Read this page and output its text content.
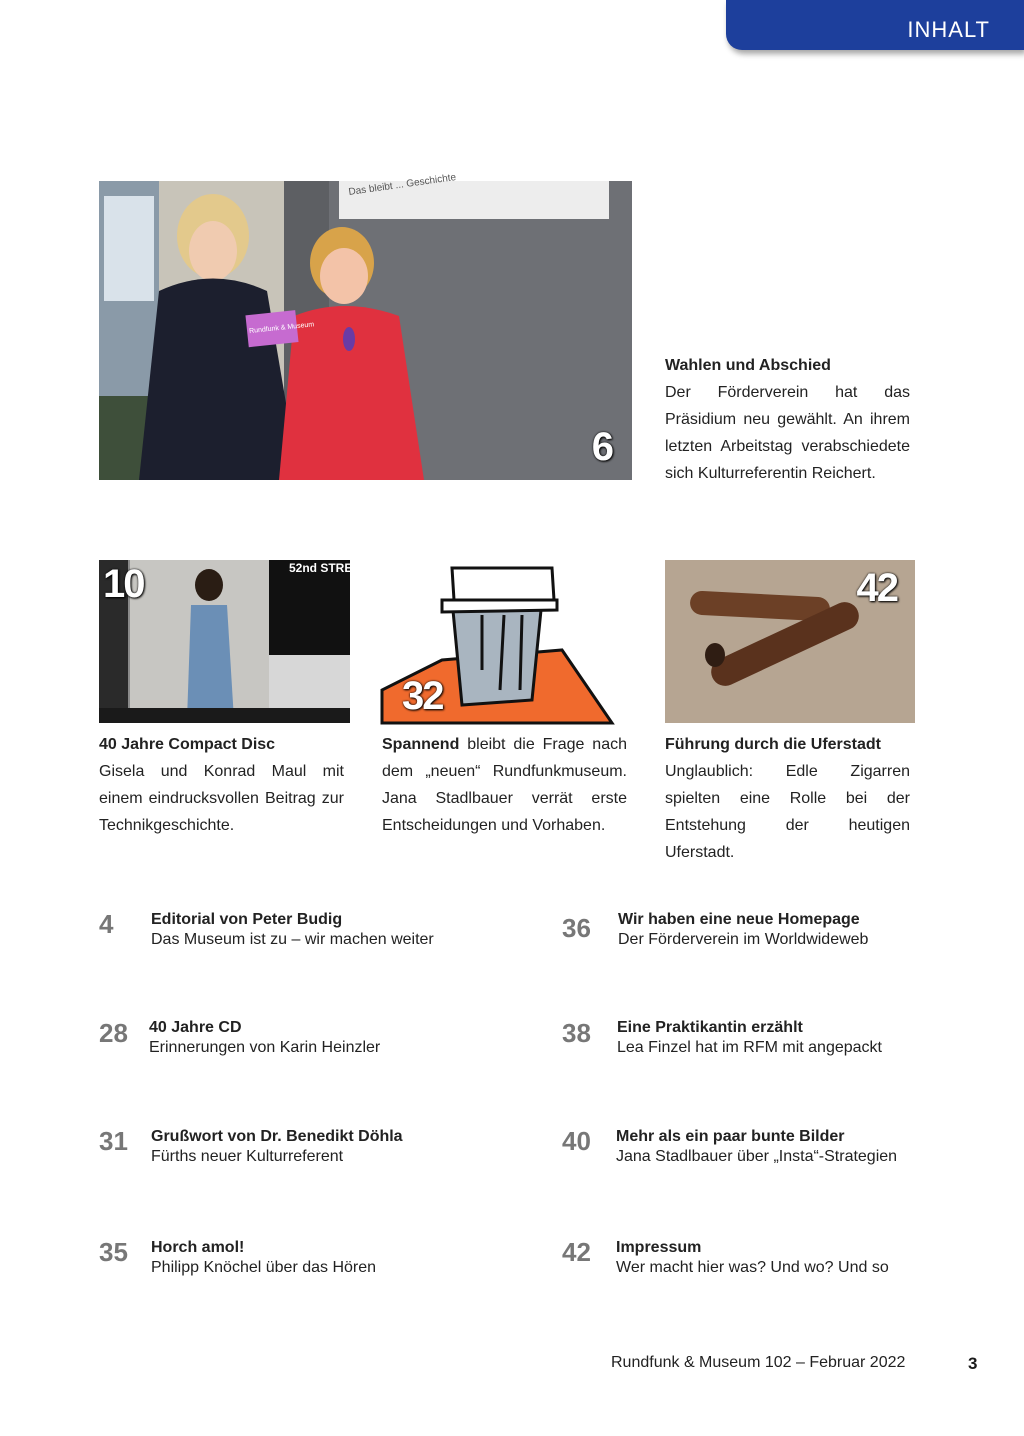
INHALT
Das bleibt ... Geschichte
Rundfunk & Museum
6
Wahlen und Abschied
Der Förderverein hat das Präsidium neu gewählt. An ihrem letzten Arbeitstag verabschiedete sich Kulturreferentin Reichert.
52nd STREET
10
40 Jahre Compact Disc
Gisela und Konrad Maul mit einem eindrucksvollen Beitrag zur Technikgeschichte.
32
Spannend bleibt die Frage nach dem „neuen“ Rundfunkmuseum. Jana Stadlbauer verrät erste Entscheidungen und Vorhaben.
42
Führung durch die Uferstadt
Unglaublich: Edle Zigarren spielten eine Rolle bei der Entstehung der heutigen Uferstadt.
4 Editorial von Peter Budig
Das Museum ist zu – wir machen weiter
28 40 Jahre CD
Erinnerungen von Karin Heinzler
31 Grußwort von Dr. Benedikt Döhla
Fürths neuer Kulturreferent
35 Horch amol!
Philipp Knöchel über das Hören
36 Wir haben eine neue Homepage
Der Förderverein im Worldwideweb
38 Eine Praktikantin erzählt
Lea Finzel hat im RFM mit angepackt
40 Mehr als ein paar bunte Bilder
Jana Stadlbauer über „Insta“-Strategien
42 Impressum
Wer macht hier was? Und wo? Und so
Rundfunk & Museum 102 – Februar 2022	3
